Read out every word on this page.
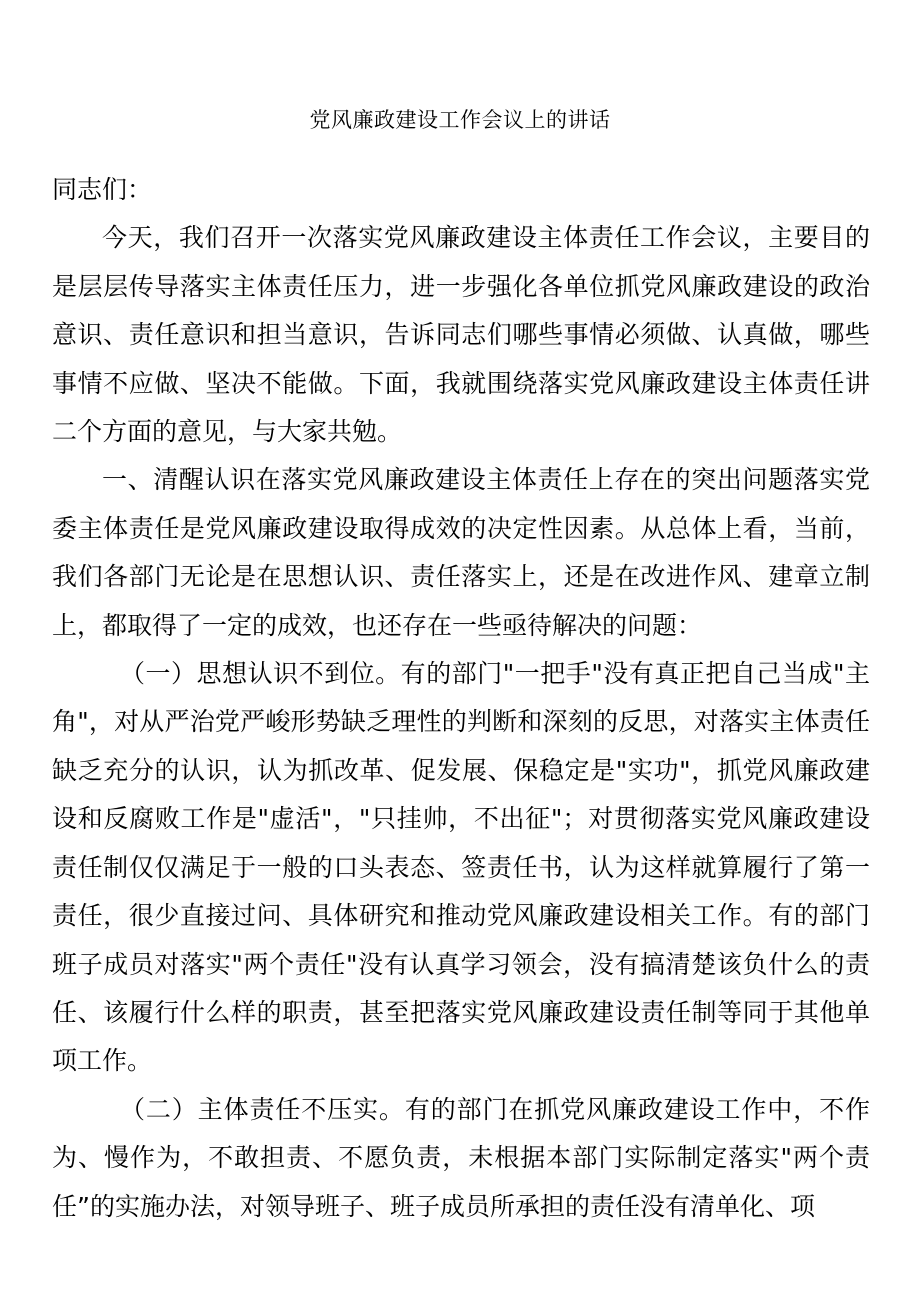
党风廉政建设工作会议上的讲话

同志们：

今天，我们召开一次落实党风廉政建设主体责任工作会议，主要目的是层层传导落实主体责任压力，进一步强化各单位抓党风廉政建设的政治意识、责任意识和担当意识，告诉同志们哪些事情必须做、认真做，哪些事情不应做、坚决不能做。下面，我就围绕落实党风廉政建设主体责任讲二个方面的意见，与大家共勉。

一、清醒认识在落实党风廉政建设主体责任上存在的突出问题落实党委主体责任是党风廉政建设取得成效的决定性因素。从总体上看，当前，我们各部门无论是在思想认识、责任落实上，还是在改进作风、建章立制上，都取得了一定的成效，也还存在一些亟待解决的问题：

（一）思想认识不到位。有的部门"一把手"没有真正把自己当成"主角"，对从严治党严峻形势缺乏理性的判断和深刻的反思，对落实主体责任缺乏充分的认识，认为抓改革、促发展、保稳定是"实功"，抓党风廉政建设和反腐败工作是"虚活"，"只挂帅，不出征"；对贯彻落实党风廉政建设责任制仅仅满足于一般的口头表态、签责任书，认为这样就算履行了第一责任，很少直接过问、具体研究和推动党风廉政建设相关工作。有的部门班子成员对落实"两个责任"没有认真学习领会，没有搞清楚该负什么的责任、该履行什么样的职责，甚至把落实党风廉政建设责任制等同于其他单项工作。

（二）主体责任不压实。有的部门在抓党风廉政建设工作中，不作为、慢作为，不敢担责、不愿负责，未根据本部门实际制定落实"两个责任”的实施办法，对领导班子、班子成员所承担的责任没有清单化、项
